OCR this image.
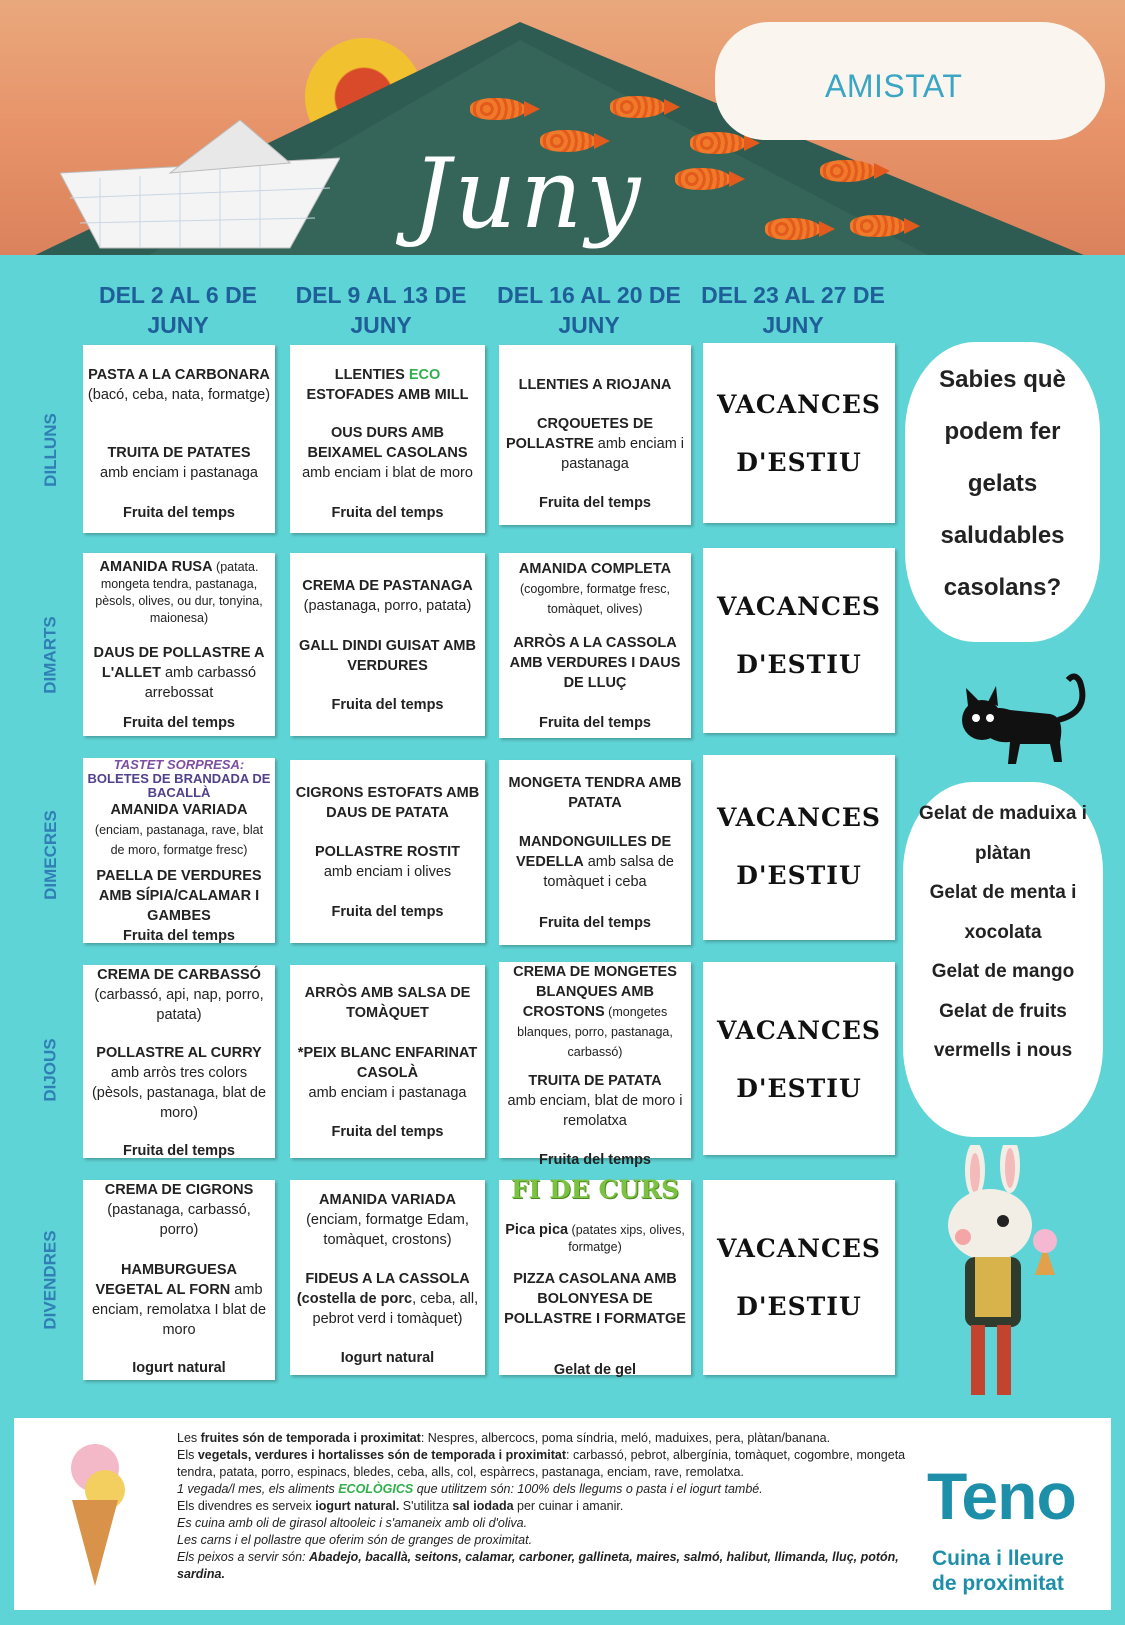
AMISTAT
Juny
DEL 2 AL 6 DE JUNY
DEL 9 AL 13 DE JUNY
DEL 16 AL 20 DE JUNY
DEL 23 AL 27 DE JUNY
DILLUNS
DIMARTS
DIMECRES
DIJOUS
DIVENDRES
PASTA A LA CARBONARA (bacó, ceba, nata, formatge)
TRUITA DE PATATES
amb enciam i pastanaga
Fruita del temps
LLENTIES ECO
ESTOFADES AMB MILL
OUS DURS AMB BEIXAMEL CASOLANS
amb enciam i blat de moro
Fruita del temps
LLENTIES A RIOJANA
CRQOUETES DE POLLASTRE amb enciam i pastanaga
Fruita del temps
VACANCES
D'ESTIU
AMANIDA RUSA (patata. mongeta tendra, pastanaga, pèsols, olives, ou dur, tonyina, maionesa)
DAUS DE POLLASTRE A L'ALLET amb carbassó arrebossat
Fruita del temps
CREMA DE PASTANAGA
(pastanaga, porro, patata)
GALL DINDI GUISAT AMB VERDURES
Fruita del temps
AMANIDA COMPLETA
(cogombre, formatge fresc, tomàquet, olives)
ARRÒS A LA CASSOLA AMB VERDURES I DAUS DE LLUÇ
Fruita del temps
VACANCES
D'ESTIU
TASTET SORPRESA:
BOLETES DE BRANDADA DE BACALLÀ
AMANIDA VARIADA
(enciam, pastanaga, rave, blat de moro, formatge fresc)
PAELLA DE VERDURES AMB SÍPIA/CALAMAR I GAMBES
Fruita del temps
CIGRONS ESTOFATS AMB DAUS DE PATATA
POLLASTRE ROSTIT
amb enciam i olives
Fruita del temps
MONGETA TENDRA AMB PATATA
MANDONGUILLES DE VEDELLA amb salsa de tomàquet i ceba
Fruita del temps
VACANCES
D'ESTIU
CREMA DE CARBASSÓ
(carbassó, api, nap, porro, patata)
POLLASTRE AL CURRY
amb arròs tres colors (pèsols, pastanaga, blat de moro)
Fruita del temps
ARRÒS AMB SALSA DE TOMÀQUET
*PEIX BLANC ENFARINAT CASOLÀ
amb enciam i pastanaga
Fruita del temps
CREMA DE MONGETES BLANQUES AMB CROSTONS (mongetes blanques, porro, pastanaga, carbassó)
TRUITA DE PATATA
amb enciam, blat de moro i remolatxa
Fruita del temps
VACANCES
D'ESTIU
CREMA DE CIGRONS
(pastanaga, carbassó, porro)
HAMBURGUESA VEGETAL AL FORN amb enciam, remolatxa I blat de moro
Iogurt natural
AMANIDA VARIADA
(enciam, formatge Edam, tomàquet, crostons)
FIDEUS A LA CASSOLA
(costella de porc, ceba, all, pebrot verd i tomàquet)
Iogurt natural
FI DE CURS
Pica pica (patates xips, olives, formatge)
PIZZA CASOLANA AMB BOLONYESA DE POLLASTRE I FORMATGE
Gelat de gel
VACANCES
D'ESTIU
Sabies què
podem fer
gelats
saludables
casolans?
Gelat de maduixa i
plàtan
Gelat de menta i
xocolata
Gelat de mango
Gelat de fruits
vermells i nous
Les fruites són de temporada i proximitat: Nespres, albercocs, poma síndria, meló, maduixes, pera, plàtan/banana.
Els vegetals, verdures i hortalisses són de temporada i proximitat: carbassó, pebrot, albergínia, tomàquet, cogombre, mongeta tendra, patata, porro, espinacs, bledes, ceba, alls, col, espàrrecs, pastanaga, enciam, rave, remolatxa.
1 vegada/l mes, els aliments ECOLÒGICS que utilitzem són: 100% dels llegums o pasta i el iogurt també.
Els divendres es serveix iogurt natural. S'utilitza sal iodada per cuinar i amanir.
Es cuina amb oli de girasol altooleic i s'amaneix amb oli d'oliva.
Les carns i el pollastre que oferim són de granges de proximitat.
Els peixos a servir són: Abadejo, bacallà, seitons, calamar, carboner, gallineta, maires, salmó, halibut, llimanda, lluç, potón, sardina.
Teno
Cuina i lleure
de proximitat
